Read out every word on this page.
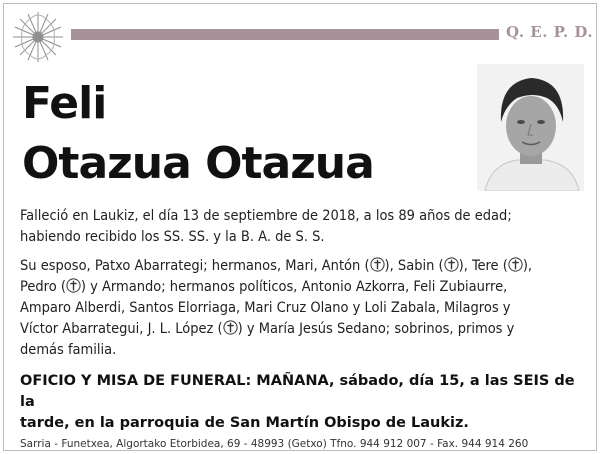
Q. E. P. D.
Feli
Otazua Otazua
Falleció en Laukiz, el día 13 de septiembre de 2018, a los 89 años de edad;
habiendo recibido los SS. SS. y la B. A. de S. S.
Su esposo, Patxo Abarrategi; hermanos, Mari, Antón ( ), Sabin ( ), Tere ( ),
Pedro ( ) y Armando; hermanos políticos, Antonio Azkorra, Feli Zubiaurre,
Amparo Alberdi, Santos Elorriaga, Mari Cruz Olano y Loli Zabala, Milagros y
Víctor Abarrategui, J. L. López ( ) y María Jesús Sedano; sobrinos, primos y
demás familia.
OFICIO Y MISA DE FUNERAL: MAÑANA, sábado, día 15, a las SEIS de la
tarde, en la parroquia de San Martín Obispo de Laukiz.
Sarria - Funetxea, Algortako Etorbidea, 69 - 48993 (Getxo) Tfno. 944 912 007 - Fax. 944 914 260
